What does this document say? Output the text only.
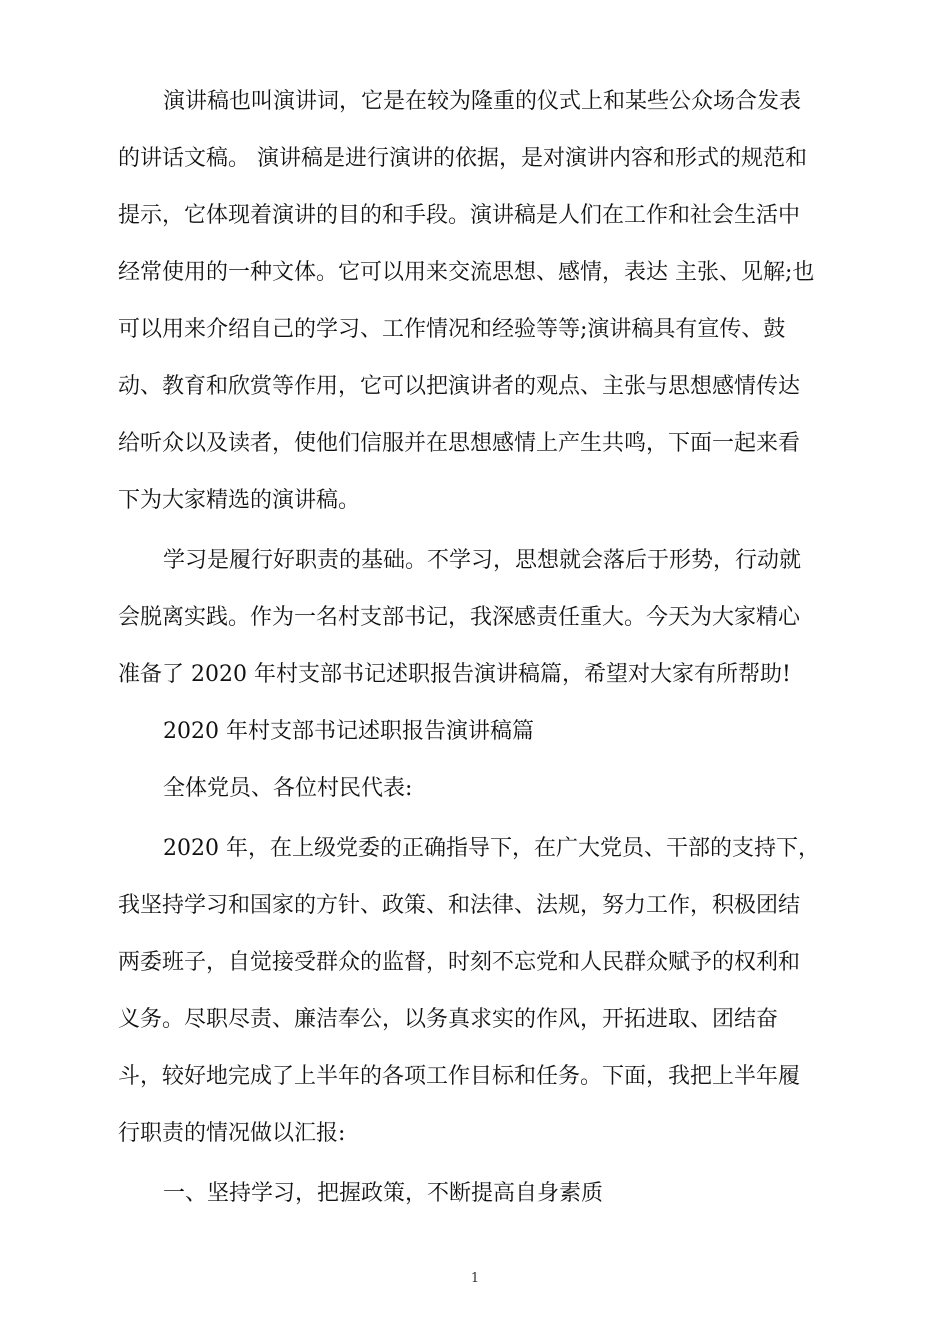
演讲稿也叫演讲词，它是在较为隆重的仪式上和某些公众场合发表
的讲话文稿。 演讲稿是进行演讲的依据，是对演讲内容和形式的规范和
提示，它体现着演讲的目的和手段。演讲稿是人们在工作和社会生活中
经常使用的一种文体。它可以用来交流思想、感情，表达 主张、见解;也
可以用来介绍自己的学习、工作情况和经验等等;演讲稿具有宣传、鼓
动、教育和欣赏等作用，它可以把演讲者的观点、主张与思想感情传达
给听众以及读者，使他们信服并在思想感情上产生共鸣，下面一起来看
下为大家精选的演讲稿。
学习是履行好职责的基础。不学习，思想就会落后于形势，行动就
会脱离实践。作为一名村支部书记，我深感责任重大。今天为大家精心
准备了 2020 年村支部书记述职报告演讲稿篇，希望对大家有所帮助!
2020 年村支部书记述职报告演讲稿篇
全体党员、各位村民代表:
2020 年，在上级党委的正确指导下，在广大党员、干部的支持下，
我坚持学习和国家的方针、政策、和法律、法规，努力工作，积极团结
两委班子，自觉接受群众的监督，时刻不忘党和人民群众赋予的权利和
义务。尽职尽责、廉洁奉公，以务真求实的作风，开拓进取、团结奋
斗，较好地完成了上半年的各项工作目标和任务。下面，我把上半年履
行职责的情况做以汇报:
一、坚持学习，把握政策，不断提高自身素质
1
